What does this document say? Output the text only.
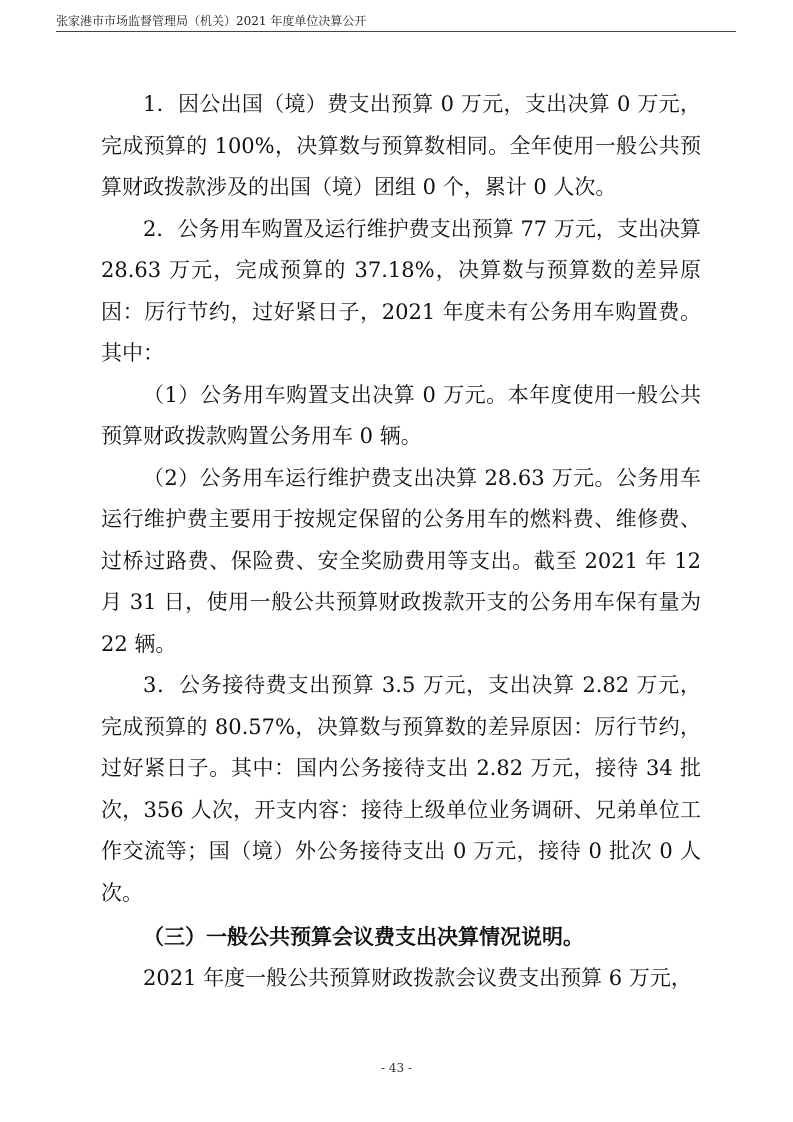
张家港市市场监督管理局（机关）2021 年度单位决算公开

1．因公出国（境）费支出预算 0 万元，支出决算 0 万元，完成预算的 100%，决算数与预算数相同。全年使用一般公共预算财政拨款涉及的出国（境）团组 0 个，累计 0 人次。

2．公务用车购置及运行维护费支出预算 77 万元，支出决算 28.63 万元，完成预算的 37.18%，决算数与预算数的差异原因：厉行节约，过好紧日子，2021 年度未有公务用车购置费。其中：

（1）公务用车购置支出决算 0 万元。本年度使用一般公共预算财政拨款购置公务用车 0 辆。

（2）公务用车运行维护费支出决算 28.63 万元。公务用车运行维护费主要用于按规定保留的公务用车的燃料费、维修费、过桥过路费、保险费、安全奖励费用等支出。截至 2021 年 12 月 31 日，使用一般公共预算财政拨款开支的公务用车保有量为 22 辆。

3．公务接待费支出预算 3.5 万元，支出决算 2.82 万元，完成预算的 80.57%，决算数与预算数的差异原因：厉行节约，过好紧日子。其中：国内公务接待支出 2.82 万元，接待 34 批次，356 人次，开支内容：接待上级单位业务调研、兄弟单位工作交流等；国（境）外公务接待支出 0 万元，接待 0 批次 0 人次。

（三）一般公共预算会议费支出决算情况说明。

2021 年度一般公共预算财政拨款会议费支出预算 6 万元，

- 43 -
